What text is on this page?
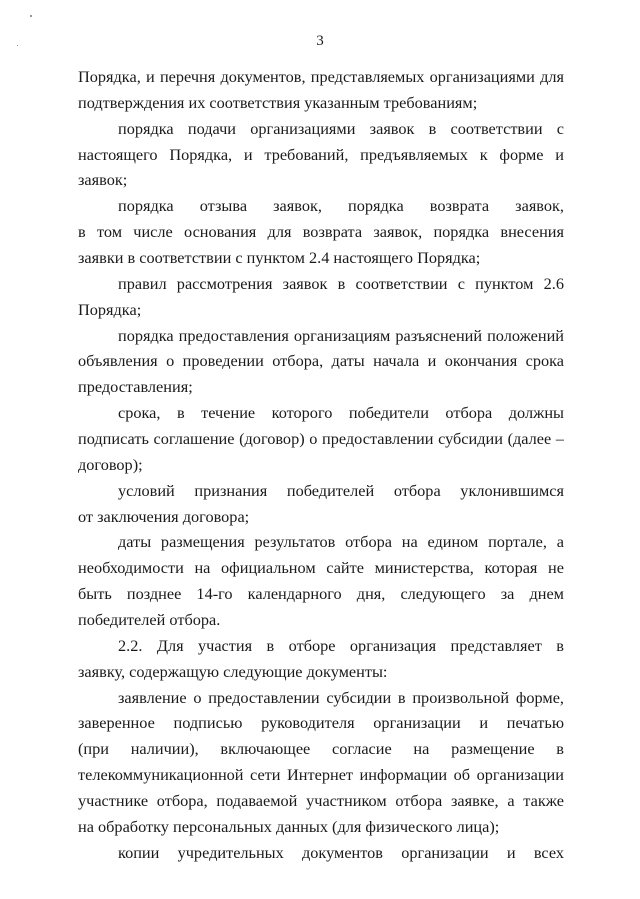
3
Порядка, и перечня документов, представляемых организациями для
подтверждения их соответствия указанным требованиям;
порядка подачи организациями заявок в соответствии с
настоящего Порядка, и требований, предъявляемых к форме и
заявок;
порядка отзыва заявок, порядка возврата заявок,
в том числе основания для возврата заявок, порядка внесения
заявки в соответствии с пунктом 2.4 настоящего Порядка;
правил рассмотрения заявок в соответствии с пунктом 2.6
Порядка;
порядка предоставления организациям разъяснений положений
объявления о проведении отбора, даты начала и окончания срока
предоставления;
срока, в течение которого победители отбора должны
подписать соглашение (договор) о предоставлении субсидии (далее –
договор);
условий признания победителей отбора уклонившимся
от заключения договора;
даты размещения результатов отбора на едином портале, а
необходимости на официальном сайте министерства, которая не
быть позднее 14-го календарного дня, следующего за днем
победителей отбора.
2.2. Для участия в отборе организация представляет в
заявку, содержащую следующие документы:
заявление о предоставлении субсидии в произвольной форме,
заверенное подписью руководителя организации и печатью
(при наличии), включающее согласие на размещение в
телекоммуникационной сети Интернет информации об организации
участнике отбора, подаваемой участником отбора заявке, а также
на обработку персональных данных (для физического лица);
копии учредительных документов организации и всех
